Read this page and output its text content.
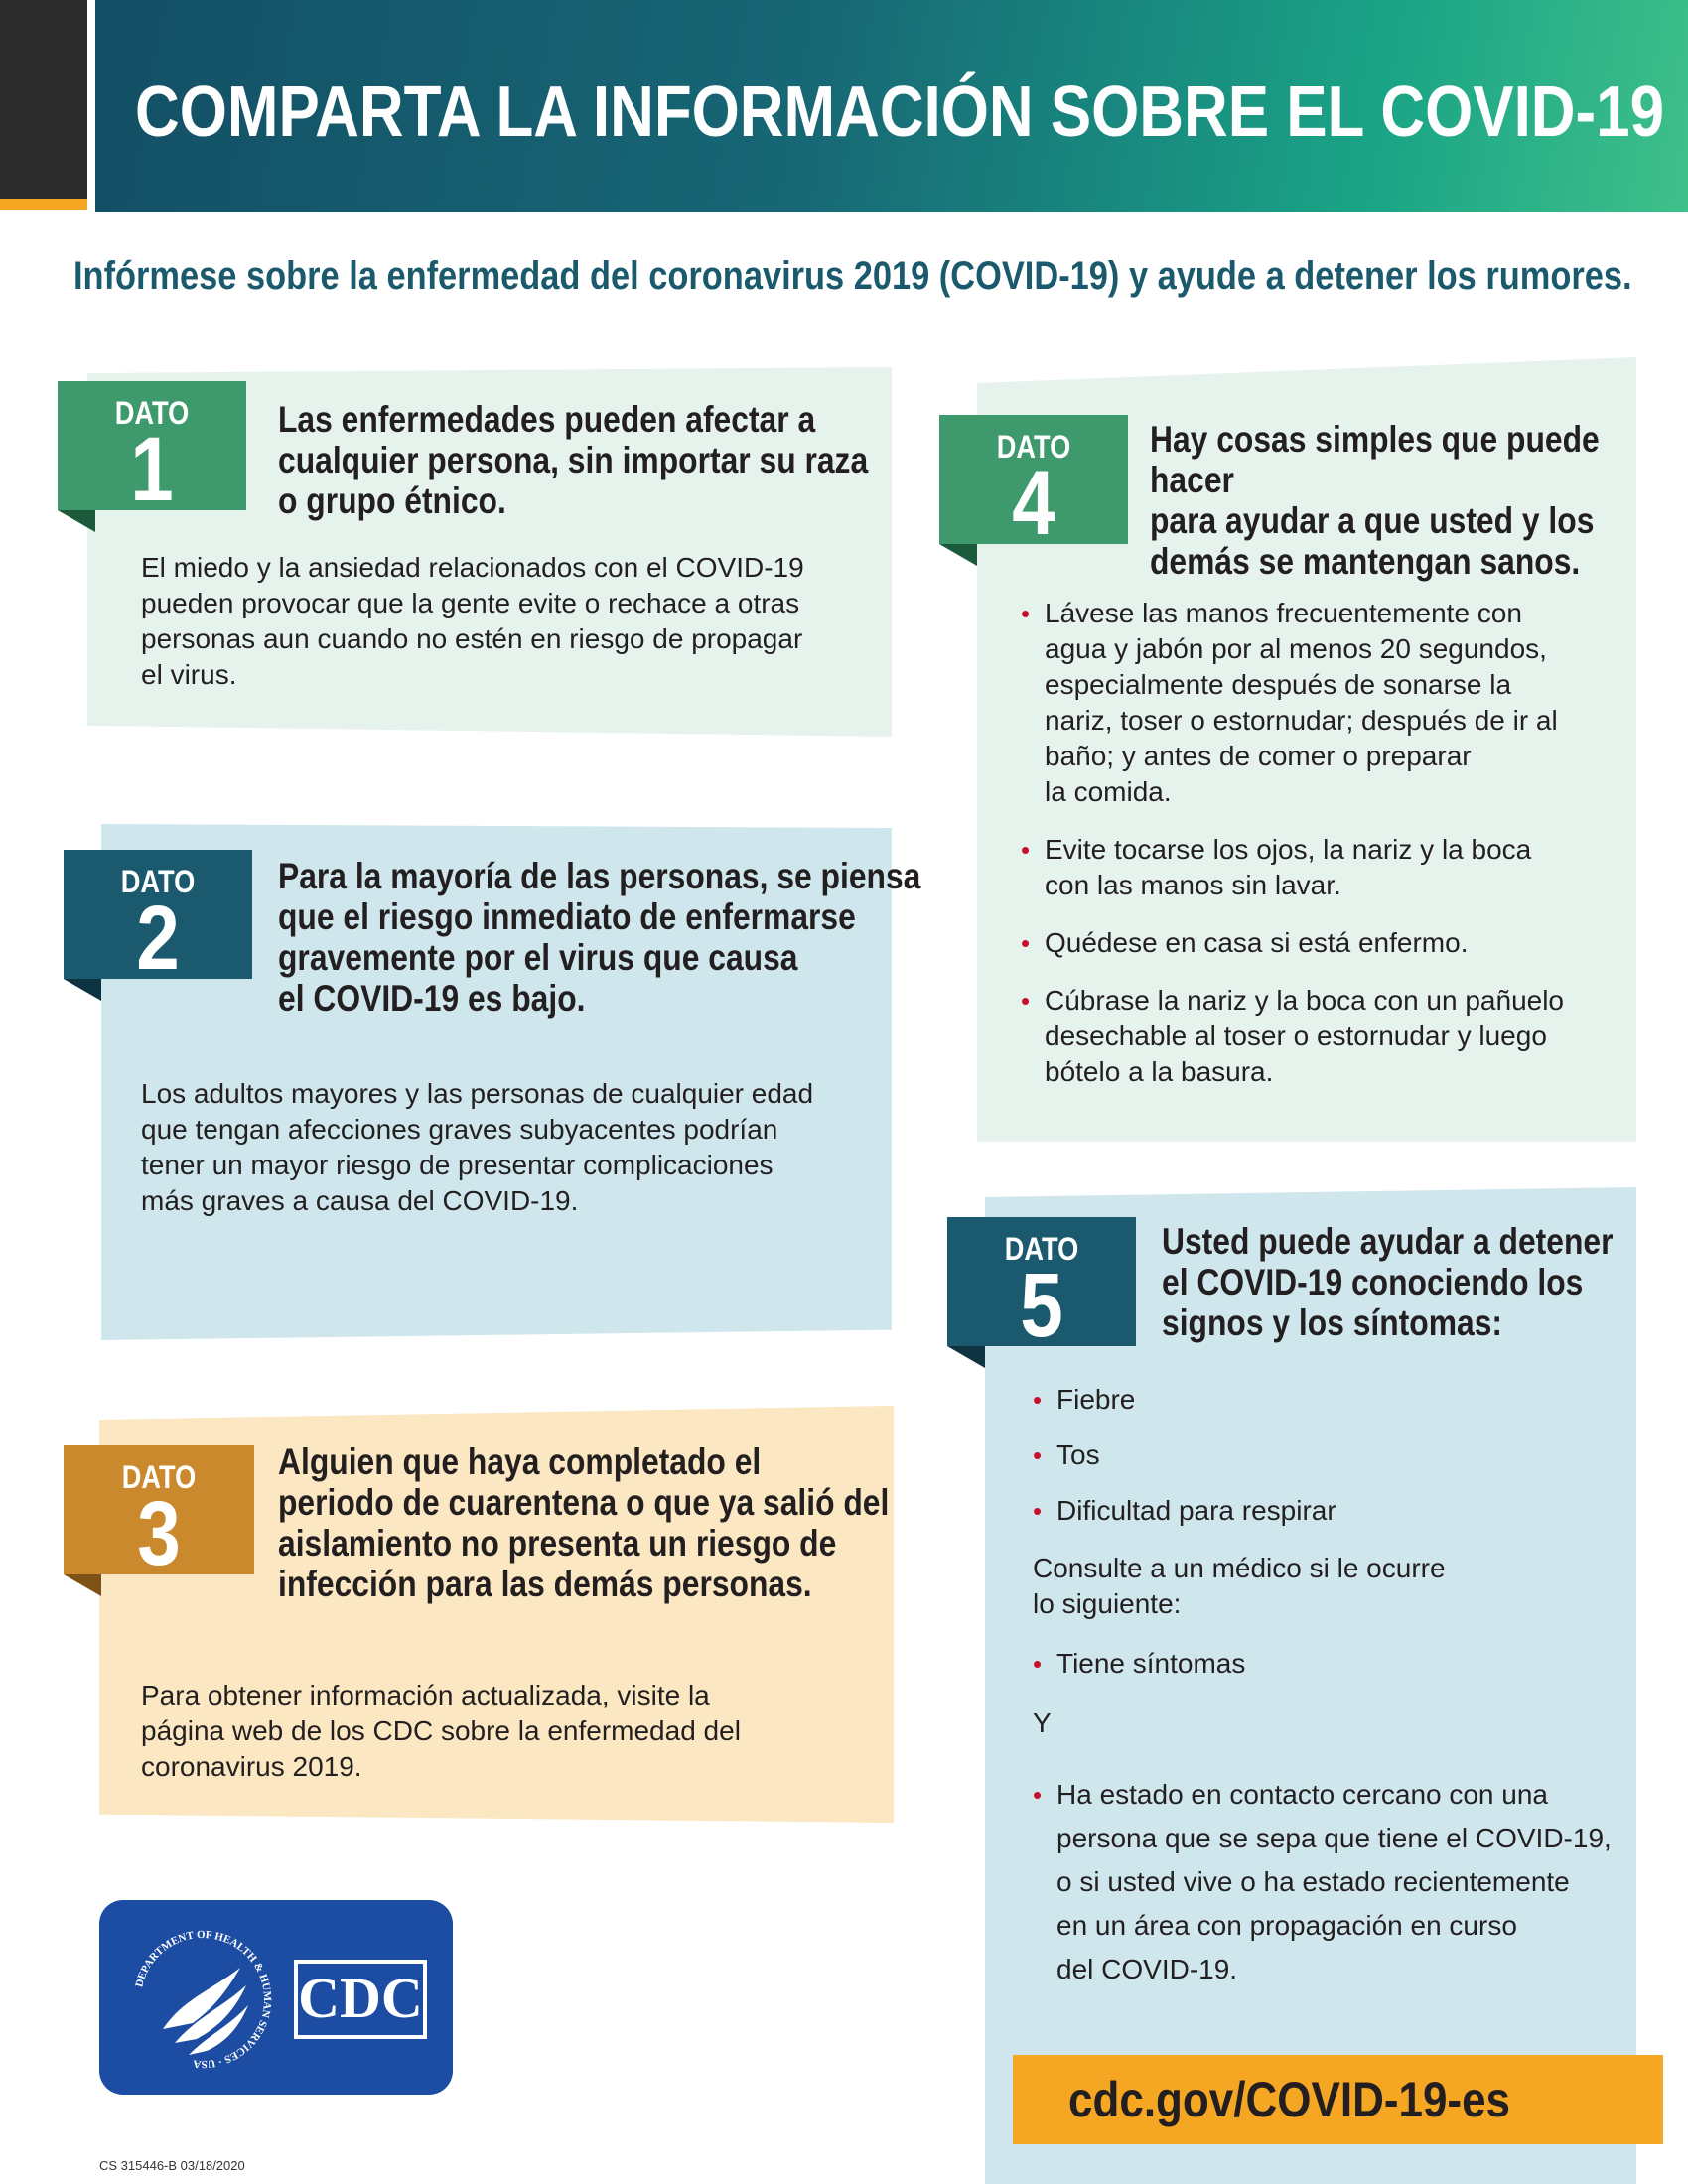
COMPARTA LA INFORMACIÓN SOBRE EL COVID-19
Infórmese sobre la enfermedad del coronavirus 2019 (COVID-19) y ayude a detener los rumores.
DATO
1	Las enfermedades pueden afectar a
cualquier persona, sin importar su raza
o grupo étnico.
El miedo y la ansiedad relacionados con el COVID-19
pueden provocar que la gente evite o rechace a otras
personas aun cuando no estén en riesgo de propagar
el virus.
DATO
2
Para la mayoría de las personas, se piensa
que el riesgo inmediato de enfermarse
gravemente por el virus que causa
el COVID-19 es bajo.
Los adultos mayores y las personas de cualquier edad
que tengan afecciones graves subyacentes podrían
tener un mayor riesgo de presentar complicaciones
más graves a causa del COVID-19.
DATO
3
Alguien que haya completado el
periodo de cuarentena o que ya salió del
aislamiento no presenta un riesgo de
infección para las demás personas.
Para obtener información actualizada, visite la
página web de los CDC sobre la enfermedad del
coronavirus 2019.
DATO
4
Hay cosas simples que puede hacer
para ayudar a que usted y los
demás se mantengan sanos.
• Lávese las manos frecuentemente con
agua y jabón por al menos 20 segundos,
especialmente después de sonarse la
nariz, toser o estornudar; después de ir al
baño; y antes de comer o preparar
la comida.
• Evite tocarse los ojos, la nariz y la boca
con las manos sin lavar.
• Quédese en casa si está enfermo.
• Cúbrase la nariz y la boca con un pañuelo
desechable al toser o estornudar y luego
bótelo a la basura.
DATO
5
Usted puede ayudar a detener
el COVID-19 conociendo los
signos y los síntomas:
• Fiebre
• Tos
• Dificultad para respirar
Consulte a un médico si le ocurre
lo siguiente:
• Tiene síntomas
Y
• Ha estado en contacto cercano con una
persona que se sepa que tiene el COVID-19,
o si usted vive o ha estado recientemente
en un área con propagación en curso
del COVID-19.
DEPARTMENT OF HEALTH & HUMAN SERVICES · USA
CDC
CS 315446-B 03/18/2020
cdc.gov/COVID-19-es
